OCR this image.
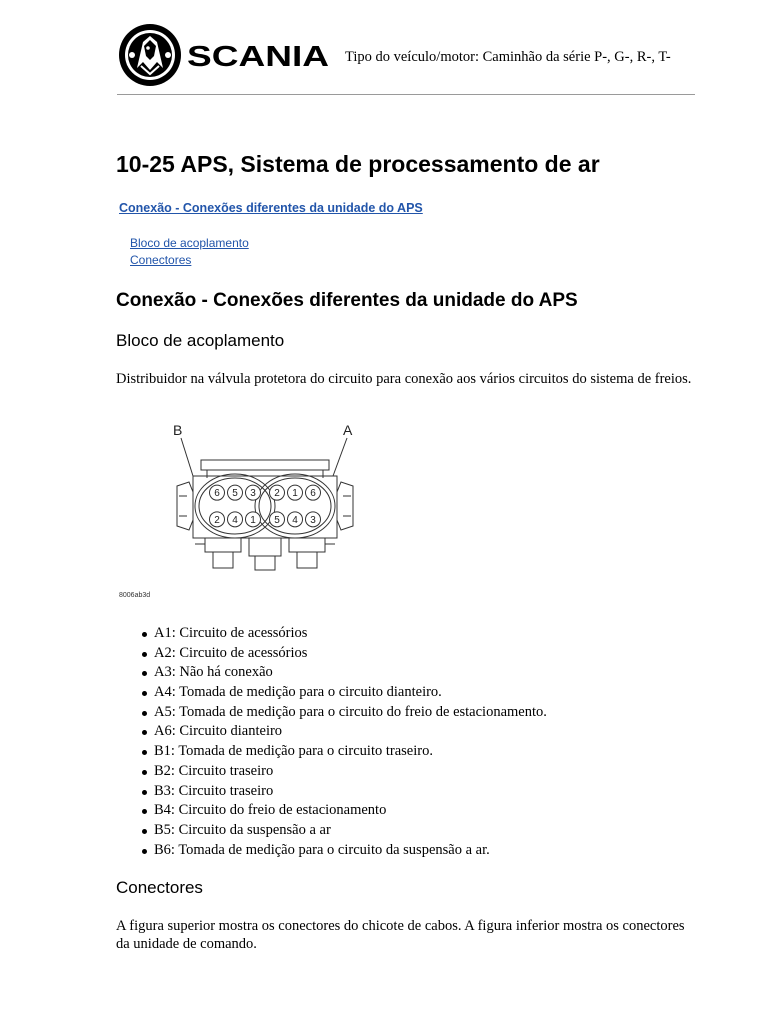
SCANIA Tipo do veículo/motor: Caminhão da série P-, G-, R-, T-
10-25 APS, Sistema de processamento de ar
Conexão - Conexões diferentes da unidade do APS
Bloco de acoplamento
Conectores
Conexão - Conexões diferentes da unidade do APS
Bloco de acoplamento

Distribuidor na válvula protetora do circuito para conexão aos vários circuitos do sistema de freios.

B	A
6 5 3
2 4 1
2 1 6
5 4 3
8006ab3d
A1: Circuito de acessórios
A2: Circuito de acessórios
A3: Não há conexão
A4: Tomada de medição para o circuito dianteiro.
A5: Tomada de medição para o circuito do freio de estacionamento.
A6: Circuito dianteiro
B1: Tomada de medição para o circuito traseiro.
B2: Circuito traseiro
B3: Circuito traseiro
B4: Circuito do freio de estacionamento
B5: Circuito da suspensão a ar
B6: Tomada de medição para o circuito da suspensão a ar.
Conectores

A figura superior mostra os conectores do chicote de cabos. A figura inferior mostra os conectores da unidade de comando.
